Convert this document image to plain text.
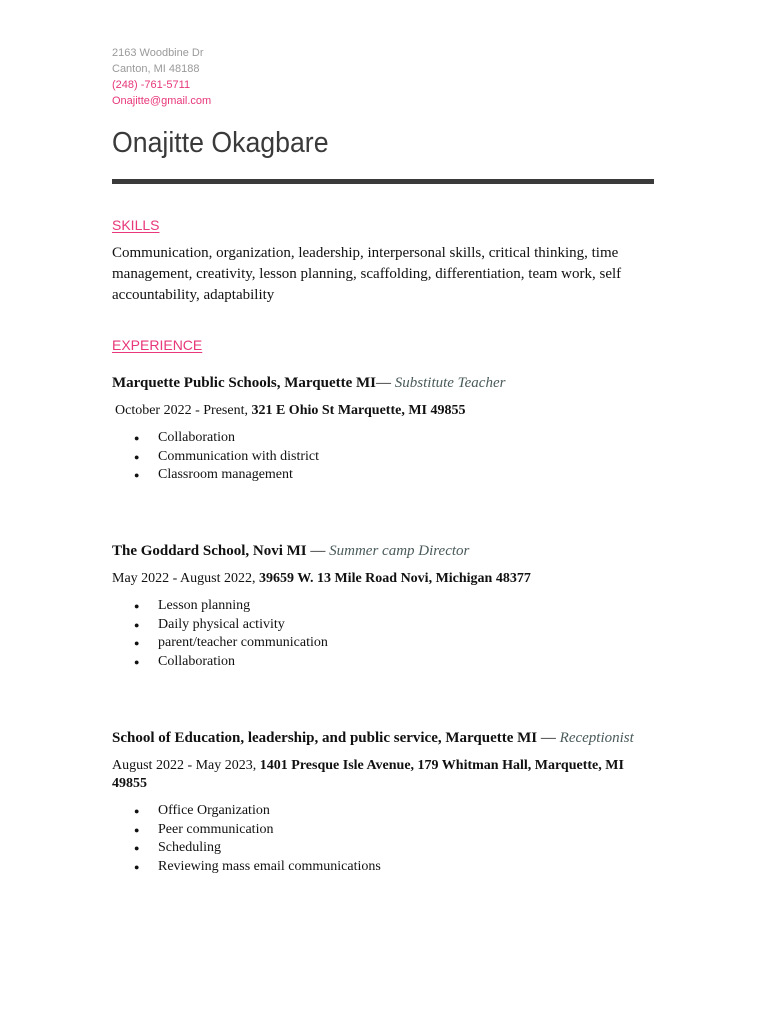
2163 Woodbine Dr
Canton, MI 48188
(248) -761-5711
Onajitte@gmail.com
Onajitte Okagbare
SKILLS
Communication, organization, leadership, interpersonal skills, critical thinking, time management, creativity, lesson planning, scaffolding, differentiation, team work, self accountability, adaptability
EXPERIENCE

Marquette Public Schools, Marquette MI— Substitute Teacher

October 2022 - Present, 321 E Ohio St Marquette, MI 49855

● Collaboration
● Communication with district
● Classroom management

The Goddard School, Novi MI — Summer camp Director

May 2022 - August 2022, 39659 W. 13 Mile Road Novi, Michigan 48377

● Lesson planning
● Daily physical activity
● parent/teacher communication
● Collaboration

School of Education, leadership, and public service, Marquette MI — Receptionist

August 2022 - May 2023, 1401 Presque Isle Avenue, 179 Whitman Hall, Marquette, MI 49855

● Office Organization
● Peer communication
● Scheduling
● Reviewing mass email communications
